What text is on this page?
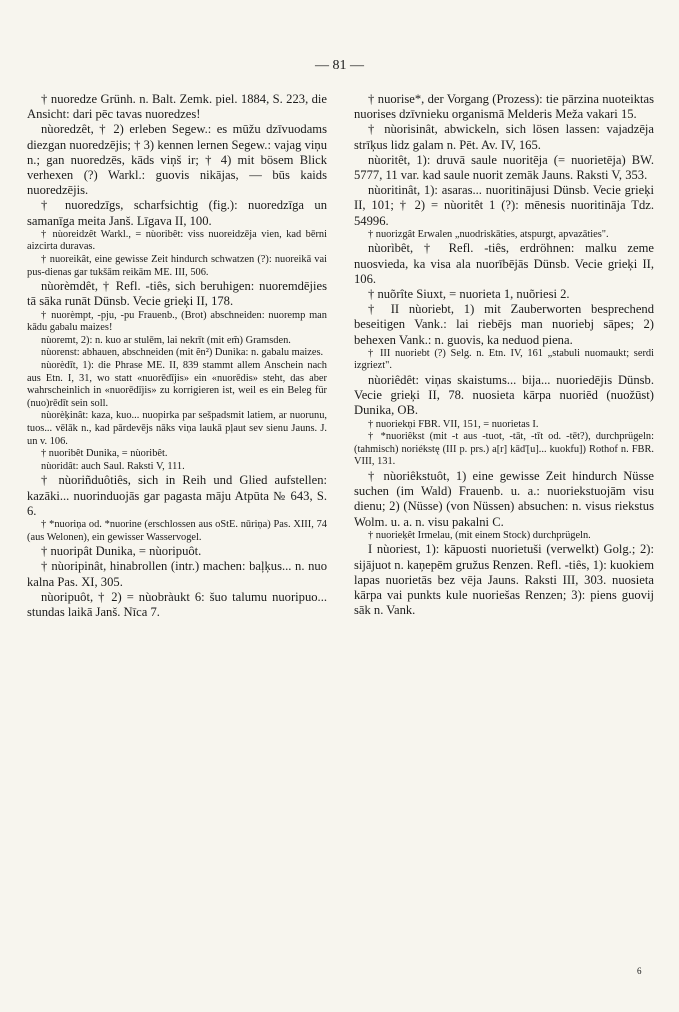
— 81 —

† nuoredze Grünh. n. Balt. Zemk. piel. 1884, S. 223, die Ansicht: dari pēc tavas nuoredzes!

nùoredzêt, † 2) erleben Segew.: es mūžu dzīvuodams diezgan nuoredzējis; † 3) kennen lernen Segew.: vajag viņu n.; gan nuoredzēs, kāds viņš ir; † 4) mit bösem Blick verhexen (?) Warkl.: guovis nikājas, — būs kaids nuoredzējis.

† nuoredzīgs, scharfsichtig (fig.): nuoredzīga un samanīga meita Janš. Līgava II, 100.

† nùoreidzêt Warkl., = nùoribêt: viss nuoreidzēja vien, kad bērni aizcirta duravas.

† nuoreikât, eine gewisse Zeit hindurch schwatzen (?): nuoreikā vai pus-dienas gar tukšām reikām ME. III, 506.

nùorèmdêt, † Refl. -tiês, sich beruhigen: nuoremdējies tā sāka runāt Dünsb. Vecie grieķi II, 178.

† nuorèmpt, -pju, -pu Frauenb., (Brot) abschneiden: nuoremp man kādu gabalu maizes!

nùoremt, 2): n. kuo ar stulēm, lai nekrīt (mit em̃) Gramsden.

nùorenst: abhauen, abschneiden (mit ẽn²) Dunika: n. gabalu maizes.

nùorèdīt, 1): die Phrase ME. II, 839 stammt allem Anschein nach aus Etn. I, 31, wo statt «nuorēdījis» ein «nuorēdis» steht, das aber wahrscheinlich in «nuorēdījis» zu korrigieren ist, weil es ein Beleg für (nuo)rēdīt sein soll.

nùorèķinât: kaza, kuo... nuopirka par sešpadsmit latiem, ar nuorunu, tuos... vēlāk n., kad pārdevējs nāks viņa laukā pļaut sev sienu Jauns. J. un v. 106.

† nuoribêt Dunika, = nùoribêt.

nùoridât: auch Saul. Raksti V, 111.

† nùoriñduôtiês, sich in Reih und Glied aufstellen: kazāki... nuorinduojās gar pagasta māju Atpūta № 643, S. 6.

† *nuoriņa od. *nuorine (erschlossen aus oStE. nūriņa) Pas. XIII, 74 (aus Welonen), ein gewisser Wasservogel.

† nuoripât Dunika, = nùoripuôt.

† nùoripinât, hinabrollen (intr.) machen: baļķus... n. nuo kalna Pas. XI, 305.

nùoripuôt, † 2) = nùobràukt 6: šuo talumu nuoripuo... stundas laikā Janš. Nīca 7.

† nuorise*, der Vorgang (Prozess): tie pārzina nuoteiktas nuorises dzīvnieku organismā Melderis Meža vakari 15.

† nùorisinât, abwickeln, sich lösen lassen: vajadzēja strīķus lidz galam n. Pēt. Av. IV, 165.

nùoritêt, 1): druvā saule nuoritēja (= nuorietēja) BW. 5777, 11 var. kad saule nuorit zemāk Jauns. Raksti V, 353.

nùoritinât, 1): asaras... nuoritinājusi Dünsb. Vecie grieķi II, 101; † 2) = nùoritêt 1 (?): mēnesis nuoritināja Tdz. 54996.

† nuorizgât Erwalen „nuodriskāties, atspurgt, apvazāties".

nùorìbêt, † Refl. -tiês, erdröhnen: malku zeme nuosvieda, ka visa ala nuorībējās Dünsb. Vecie grieķi II, 106.

† nuõrîte Siuxt, = nuorieta 1, nuõriesi 2.

† II nùoriebt, 1) mit Zauberworten besprechend beseitigen Vank.: lai riebējs man nuoriebj sāpes; 2) behexen Vank.: n. guovis, ka neduod piena.

† III nuoriebt (?) Selg. n. Etn. IV, 161 „stabuli nuomaukt; serdi izgriezt".

nùoriêdêt: viņas skaistums... bija... nuoriedējis Dünsb. Vecie grieķi II, 78. nuosieta kārpa nuoriēd (nuožūst) Dunika, OB.

† nuoriekņi FBR. VII, 151, = nuorietas I.

† *nuoriêkst (mit -t aus -tuot, -tāt, -tīt od. -tēt?), durchprügeln: (tahmisch) noriékstę (III p. prs.) a[r] kāď[u]... kuokfu]) Rothof n. FBR. VIII, 131.

† nùoriêkstuôt, 1) eine gewisse Zeit hindurch Nüsse suchen (im Wald) Frauenb. u. a.: nuoriekstuojām visu dienu; 2) (Nüsse) (von Nüssen) absuchen: n. visus riekstus Wolm. u. a. n. visu pakalni C.

† nuorieķêt Irmelau, (mit einem Stock) durchprügeln.

I nùoriest, 1): kāpuosti nuorietuši (verwelkt) Golg.; 2): sijājuot n. kaņepēm gružus Renzen. Refl. -tiês, 1): kuokiem lapas nuorietās bez vēja Jauns. Raksti III, 303. nuosieta kārpa vai punkts kule nuoriešas Renzen; 3): piens guovij sāk n. Vank.

6
